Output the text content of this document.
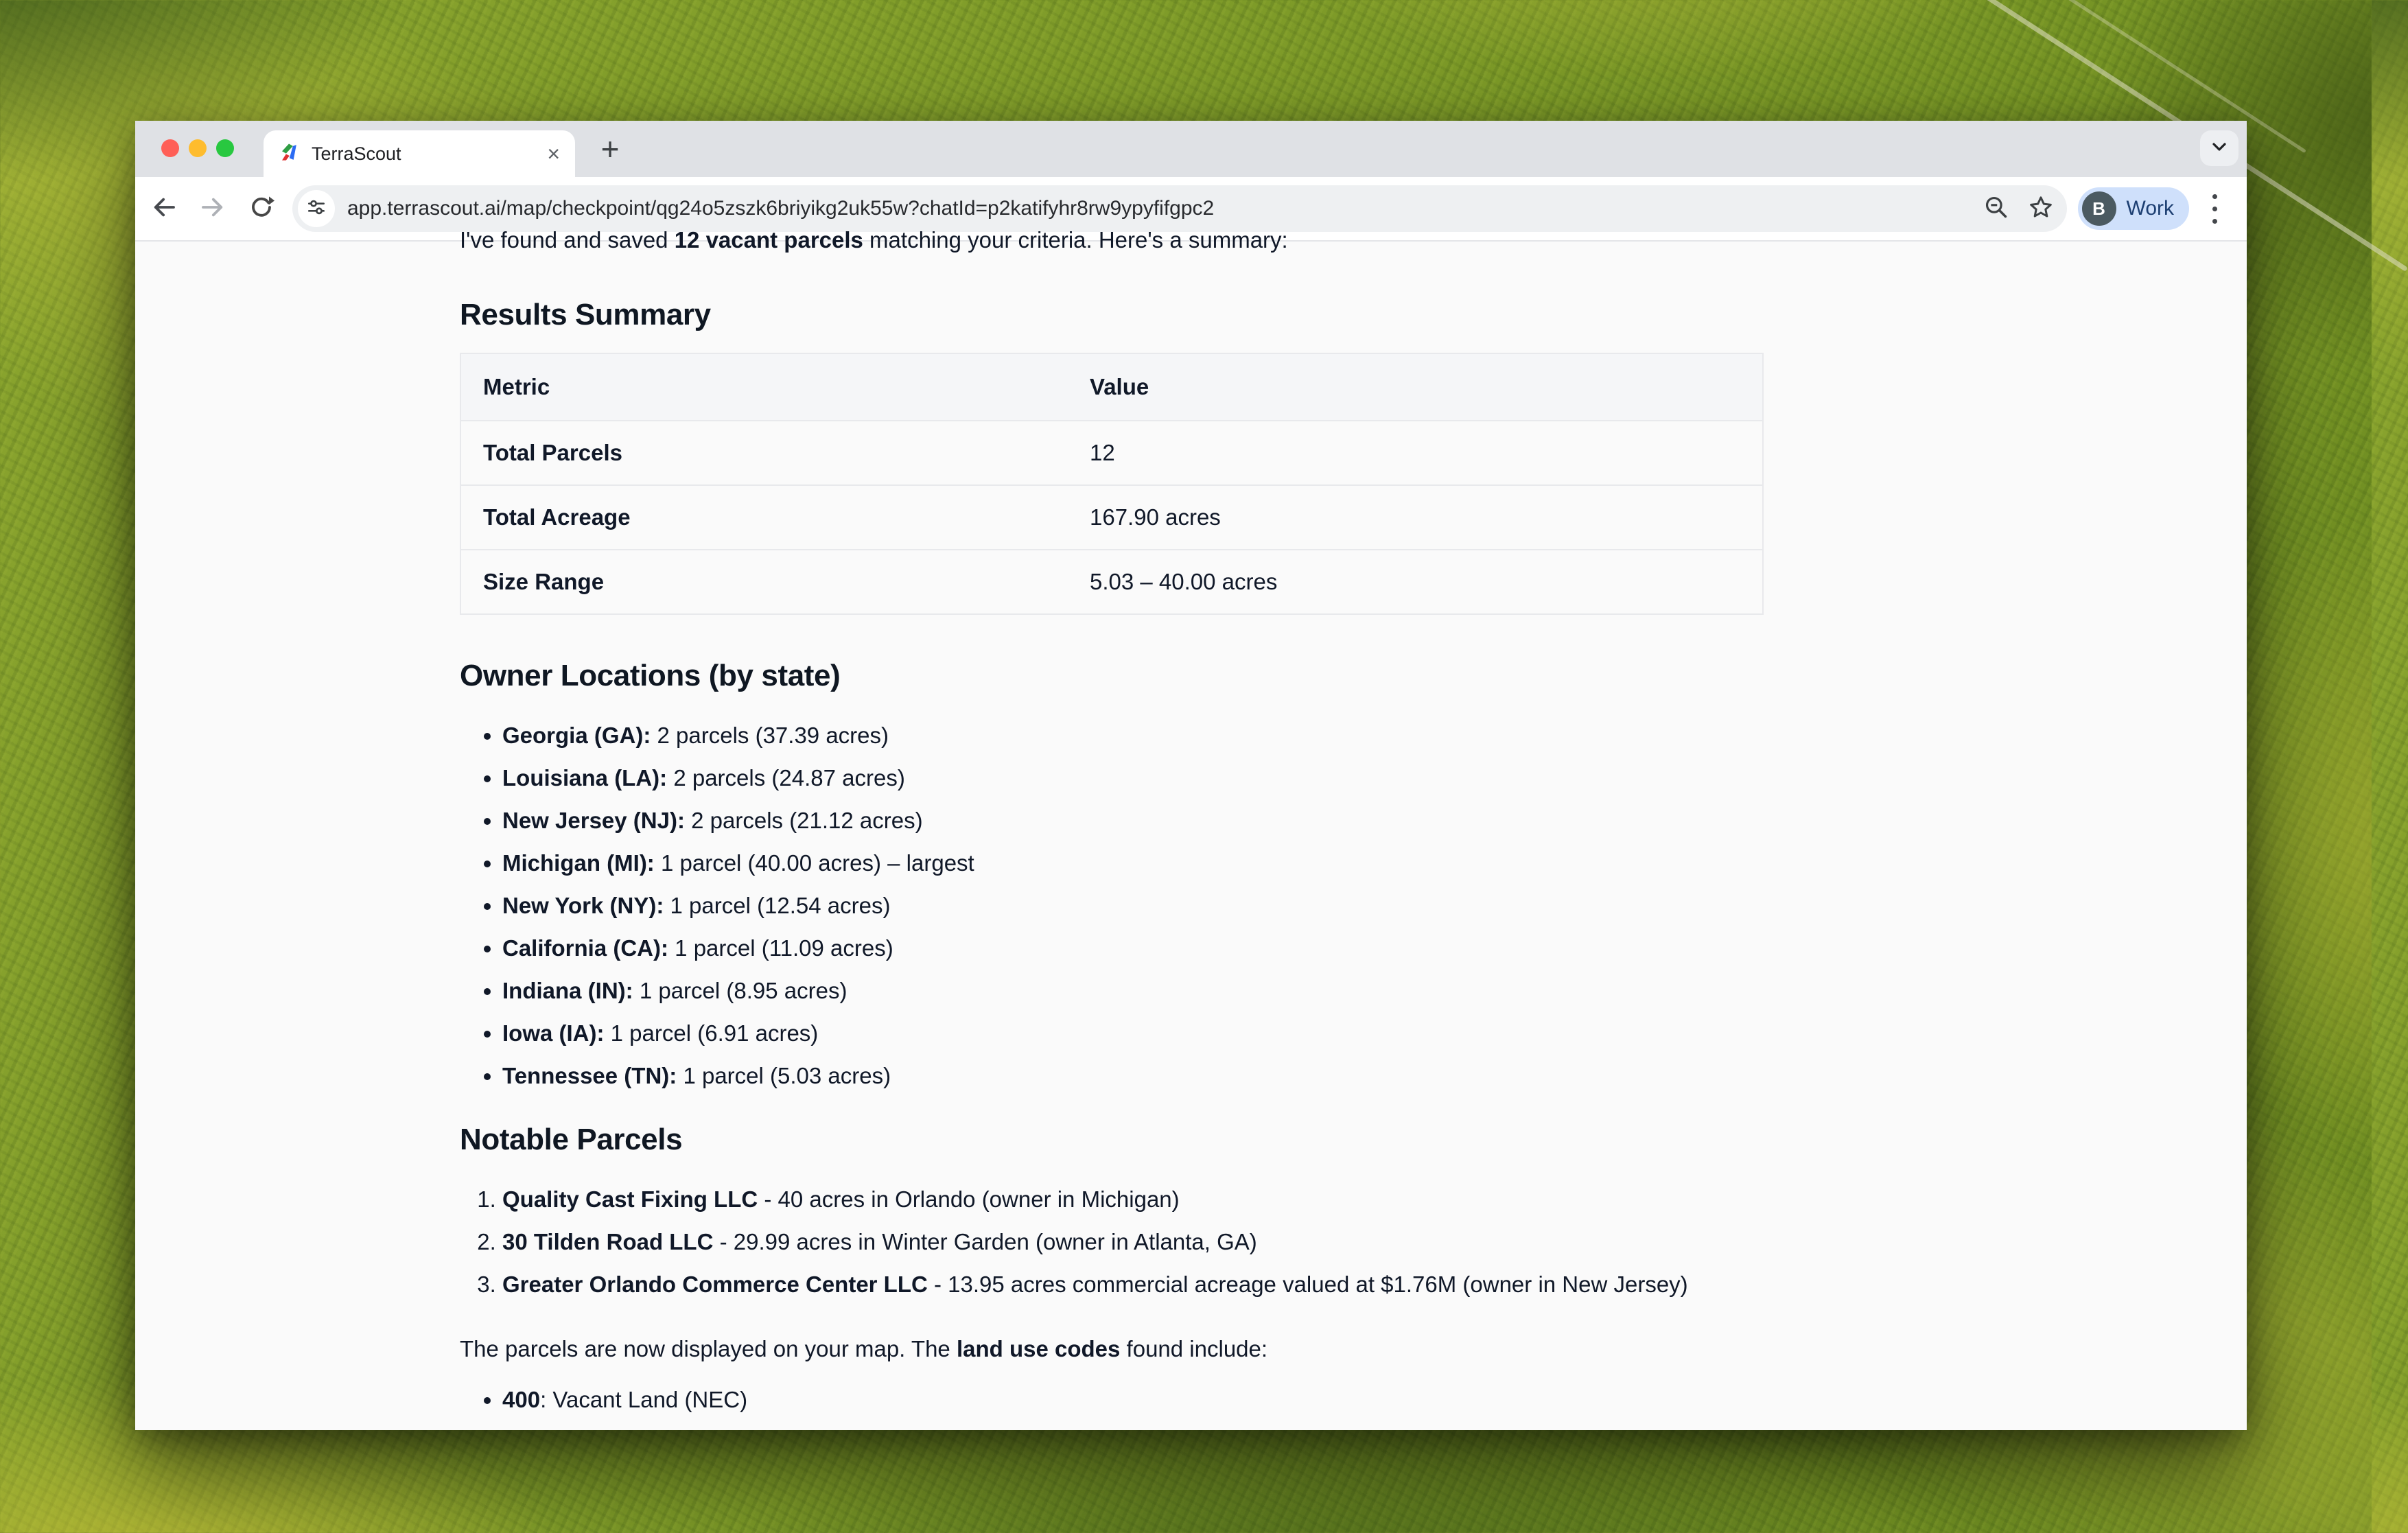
TerraScout	×	+
app.terrascout.ai/map/checkpoint/qg24o5zszk6briyikg2uk55w?chatId=p2katifyhr8rw9ypyfifgpc2	B	Work

I've found and saved 12 vacant parcels matching your criteria. Here's a summary:

Results Summary
Metric	Value
Total Parcels	12
Total Acreage	167.90 acres
Size Range	5.03 – 40.00 acres
Owner Locations (by state)
• Georgia (GA): 2 parcels (37.39 acres)
• Louisiana (LA): 2 parcels (24.87 acres)
• New Jersey (NJ): 2 parcels (21.12 acres)
• Michigan (MI): 1 parcel (40.00 acres) – largest
• New York (NY): 1 parcel (12.54 acres)
• California (CA): 1 parcel (11.09 acres)
• Indiana (IN): 1 parcel (8.95 acres)
• Iowa (IA): 1 parcel (6.91 acres)
• Tennessee (TN): 1 parcel (5.03 acres)
Notable Parcels
1. Quality Cast Fixing LLC - 40 acres in Orlando (owner in Michigan)
2. 30 Tilden Road LLC - 29.99 acres in Winter Garden (owner in Atlanta, GA)
3. Greater Orlando Commerce Center LLC - 13.95 acres commercial acreage valued at $1.76M (owner in New Jersey)

The parcels are now displayed on your map. The land use codes found include:

• 400: Vacant Land (NEC)
